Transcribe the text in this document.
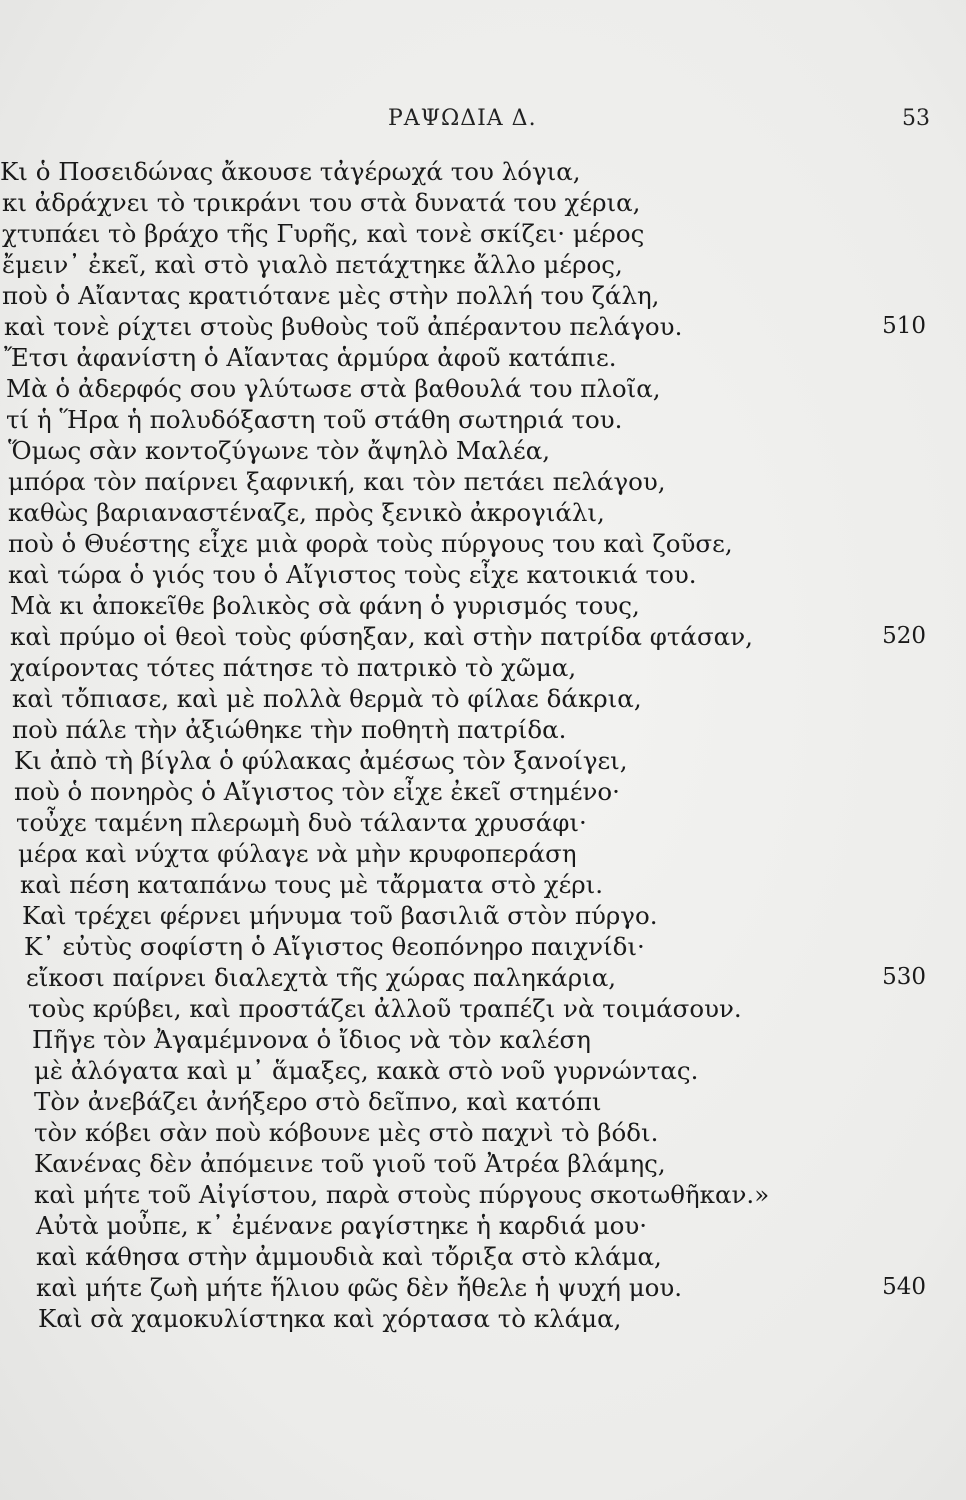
ΡΑΨΩΔΙΑ Δ.	53
Κι ὁ Ποσειδώνας ἄκουσε τἀγέρωχά του λόγια,
κι ἀδράχνει τὸ τρικράνι του στὰ δυνατά του χέρια,
χτυπάει τὸ βράχο τῆς Γυρῆς, καὶ τονὲ σκίζει· μέρος
ἔμειν᾽ ἐκεῖ, καὶ στὸ γιαλὸ πετάχτηκε ἄλλο μέρος,
ποὺ ὁ Αἴαντας κρατιότανε μὲς στὴν πολλή του ζάλη,
καὶ τονὲ ρίχτει στοὺς βυθοὺς τοῦ ἀπέραντου πελάγου.	510
Ἔτσι ἀφανίστη ὁ Αἴαντας ἁρμύρα ἀφοῦ κατάπιε.
Μὰ ὁ ἀδερφός σου γλύτωσε στὰ βαθουλά του πλοῖα,
τί ἡ Ἥρα ἡ πολυδόξαστη τοῦ στάθη σωτηριά του.
Ὅμως σὰν κοντοζύγωνε τὸν ἄψηλὸ Μαλέα,
μπόρα τὸν παίρνει ξαφνική, και τὸν πετάει πελάγου,
καθὼς βαριαναστέναζε, πρὸς ξενικὸ ἀκρογιάλι,
ποὺ ὁ Θυέστης εἶχε μιὰ φορὰ τοὺς πύργους του καὶ ζοῦσε,
καὶ τώρα ὁ γιός του ὁ Αἴγιστος τοὺς εἶχε κατοικιά του.
Μὰ κι ἀποκεῖθε βολικὸς σὰ φάνη ὁ γυρισμός τους,
καὶ πρύμο οἱ θεοὶ τοὺς φύσηξαν, καὶ στὴν πατρίδα φτάσαν,	520
χαίροντας τότες πάτησε τὸ πατρικὸ τὸ χῶμα,
καὶ τὄπιασε, καὶ μὲ πολλὰ θερμὰ τὸ φίλαε δάκρια,
ποὺ πάλε τὴν ἀξιώθηκε τὴν ποθητὴ πατρίδα.
Κι ἀπὸ τὴ βίγλα ὁ φύλακας ἀμέσως τὸν ξανοίγει,
ποὺ ὁ πονηρὸς ὁ Αἴγιστος τὸν εἶχε ἐκεῖ στημένο·
τοὖχε ταμένη πλερωμὴ δυὸ τάλαντα χρυσάφι·
μέρα καὶ νύχτα φύλαγε νὰ μὴν κρυφοπεράση
καὶ πέση καταπάνω τους μὲ τἄρματα στὸ χέρι.
Καὶ τρέχει φέρνει μήνυμα τοῦ βασιλιᾶ στὸν πύργο.
Κ᾽ εὐτὺς σοφίστη ὁ Αἴγιστος θεοπόνηρο παιχνίδι·
εἴκοσι παίρνει διαλεχτὰ τῆς χώρας παληκάρια,	530
τοὺς κρύβει, καὶ προστάζει ἀλλοῦ τραπέζι νὰ τοιμάσουν.
Πῆγε τὸν Ἀγαμέμνονα ὁ ἴδιος νὰ τὸν καλέση
μὲ ἀλόγατα καὶ μ᾽ ἅμαξες, κακὰ στὸ νοῦ γυρνώντας.
Τὸν ἀνεβάζει ἀνήξερο στὸ δεῖπνο, καὶ κατόπι
τὸν κόβει σὰν ποὺ κόβουνε μὲς στὸ παχνὶ τὸ βόδι.
Κανένας δὲν ἀπόμεινε τοῦ γιοῦ τοῦ Ἀτρέα βλάμης,
καὶ μήτε τοῦ Αἰγίστου, παρὰ στοὺς πύργους σκοτωθῆκαν.»
Αὐτὰ μοὖπε, κ᾽ ἐμένανε ραγίστηκε ἡ καρδιά μου·
καὶ κάθησα στὴν ἀμμουδιὰ καὶ τὄριξα στὸ κλάμα,
καὶ μήτε ζωὴ μήτε ἥλιου φῶς δὲν ἤθελε ἡ ψυχή μου.	540
Καὶ σὰ χαμοκυλίστηκα καὶ χόρτασα τὸ κλάμα,
